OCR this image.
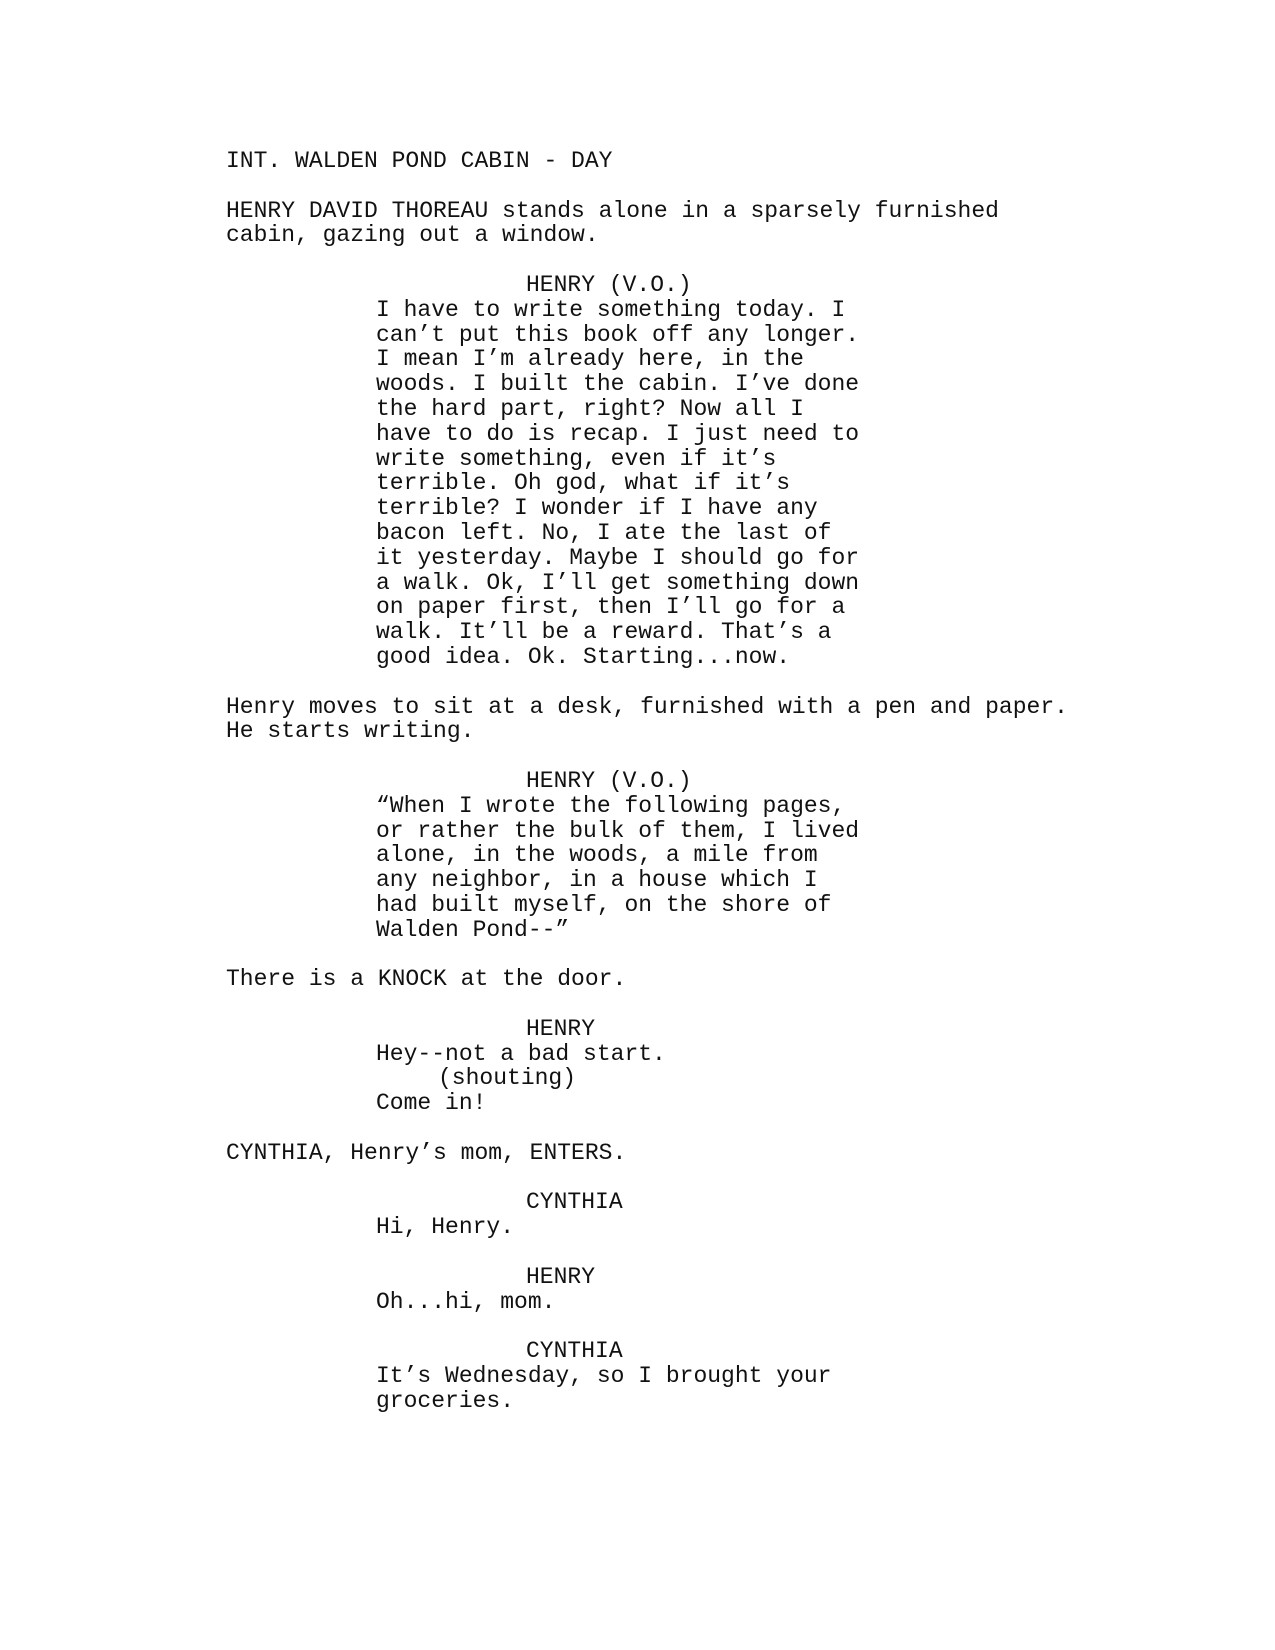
INT. WALDEN POND CABIN - DAY
HENRY DAVID THOREAU stands alone in a sparsely furnished
cabin, gazing out a window.
HENRY (V.O.)
I have to write something today. I
can’t put this book off any longer.
I mean I’m already here, in the
woods. I built the cabin. I’ve done
the hard part, right? Now all I
have to do is recap. I just need to
write something, even if it’s
terrible. Oh god, what if it’s
terrible? I wonder if I have any
bacon left. No, I ate the last of
it yesterday. Maybe I should go for
a walk. Ok, I’ll get something down
on paper first, then I’ll go for a
walk. It’ll be a reward. That’s a
good idea. Ok. Starting...now.
Henry moves to sit at a desk, furnished with a pen and paper.
He starts writing.
HENRY (V.O.)
“When I wrote the following pages,
or rather the bulk of them, I lived
alone, in the woods, a mile from
any neighbor, in a house which I
had built myself, on the shore of
Walden Pond--”
There is a KNOCK at the door.
HENRY
Hey--not a bad start.
(shouting)
Come in!
CYNTHIA, Henry’s mom, ENTERS.
CYNTHIA
Hi, Henry.
HENRY
Oh...hi, mom.
CYNTHIA
It’s Wednesday, so I brought your
groceries.
